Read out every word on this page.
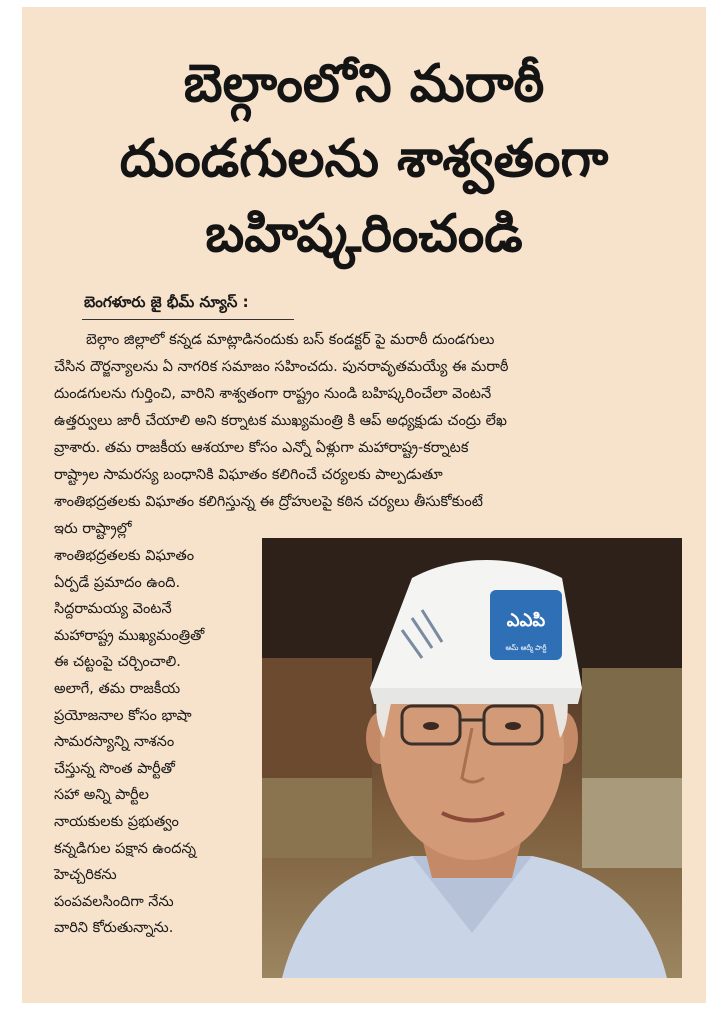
బెల్గాంలోని మరాఠీ
దుండగులను శాశ్వతంగా
బహిష్కరించండి
బెంగళూరు జై భీమ్ న్యూస్ :
బెల్గాం జిల్లాలో కన్నడ మాట్లాడినందుకు బస్ కండక్టర్ పై మరాఠీ దుండగులు
చేసిన దౌర్జన్యాలను ఏ నాగరిక సమాజం సహించదు. పునరావృతమయ్యే ఈ మరాఠీ
దుండగులను గుర్తించి, వారిని శాశ్వతంగా రాష్ట్రం నుండి బహిష్కరించేలా వెంటనే
ఉత్తర్వులు జారీ చేయాలి అని కర్నాటక ముఖ్యమంత్రి కి ఆప్ అధ్యక్షుడు చంద్రు లేఖ
వ్రాశారు. తమ రాజకీయ ఆశయాల కోసం ఎన్నో ఏళ్లుగా మహారాష్ట్ర-కర్నాటక
రాష్ట్రాల సామరస్య బంధానికి విఘాతం కలిగించే చర్యలకు పాల్పడుతూ
శాంతిభద్రతలకు విఘాతం కలిగిస్తున్న ఈ ద్రోహులపై కఠిన చర్యలు తీసుకోకుంటే
ఇరు రాష్ట్రాల్లో
శాంతిభద్రతలకు విఘాతం
ఏర్పడే ప్రమాదం ఉంది.
సిద్దరామయ్య వెంటనే
మహారాష్ట్ర ముఖ్యమంత్రితో
ఈ చట్టంపై చర్చించాలి.
అలాగే, తమ రాజకీయ
ప్రయోజనాల కోసం భాషా
సామరస్యాన్ని నాశనం
చేస్తున్న సొంత పార్టీతో
సహా అన్ని పార్టీల
నాయకులకు ప్రభుత్వం
కన్నడిగుల పక్షాన ఉందన్న
హెచ్చరికను
పంపవలసిందిగా నేను
వారిని కోరుతున్నాను.
ఎఎపి
ఆమ్ ఆద్మీ పార్టీ
